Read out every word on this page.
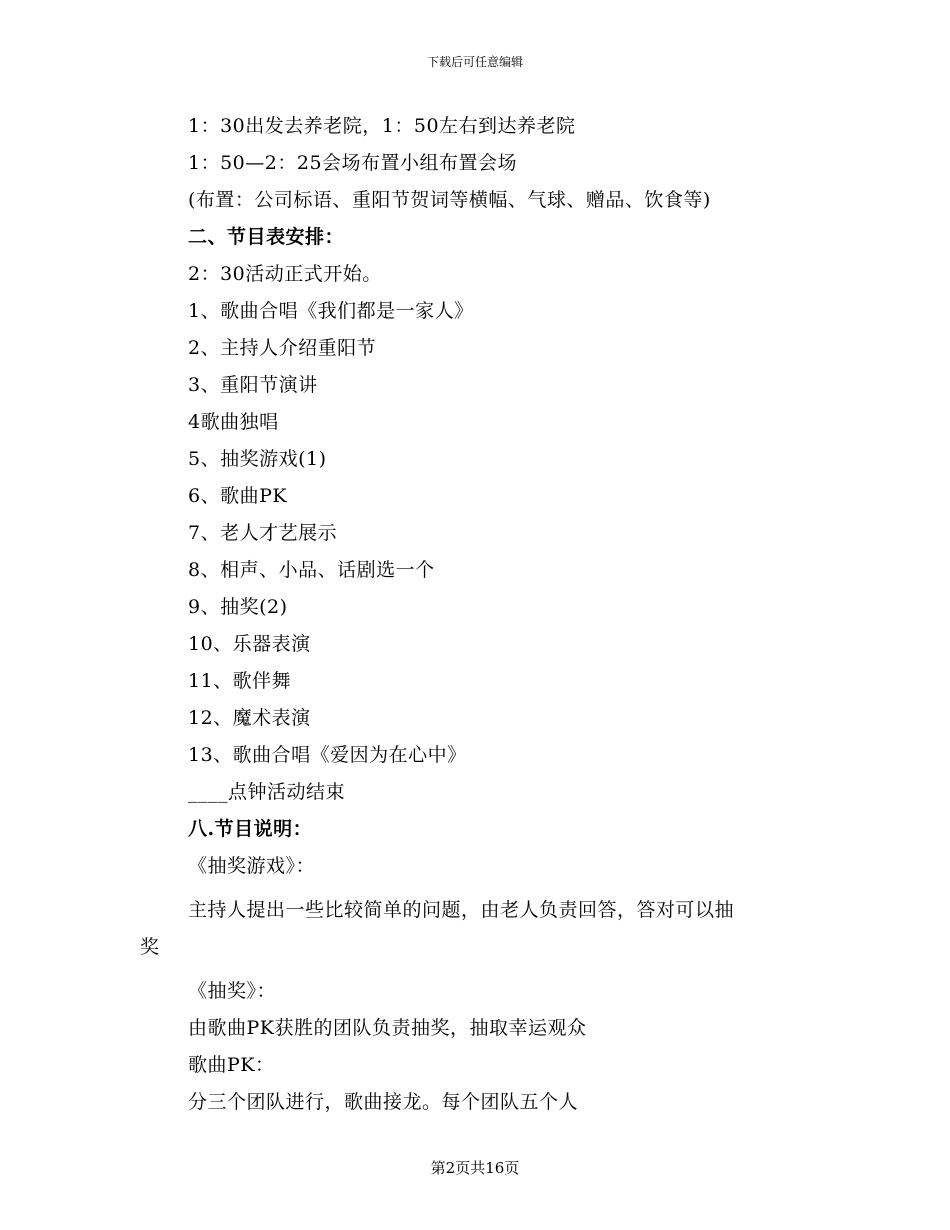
下载后可任意编辑
1：30出发去养老院，1：50左右到达养老院
1：50—2：25会场布置小组布置会场
(布置：公司标语、重阳节贺词等横幅、气球、赠品、饮食等)
二、节目表安排：
2：30活动正式开始。
1、歌曲合唱《我们都是一家人》
2、主持人介绍重阳节
3、重阳节演讲
4歌曲独唱
5、抽奖游戏(1)
6、歌曲PK
7、老人才艺展示
8、相声、小品、话剧选一个
9、抽奖(2)
10、乐器表演
11、歌伴舞
12、魔术表演
13、歌曲合唱《爱因为在心中》
____点钟活动结束
八.节目说明：
《抽奖游戏》：
主持人提出一些比较简单的问题，由老人负责回答，答对可以抽
奖
《抽奖》：
由歌曲PK获胜的团队负责抽奖，抽取幸运观众
歌曲PK：
分三个团队进行，歌曲接龙。每个团队五个人
第2页共16页
